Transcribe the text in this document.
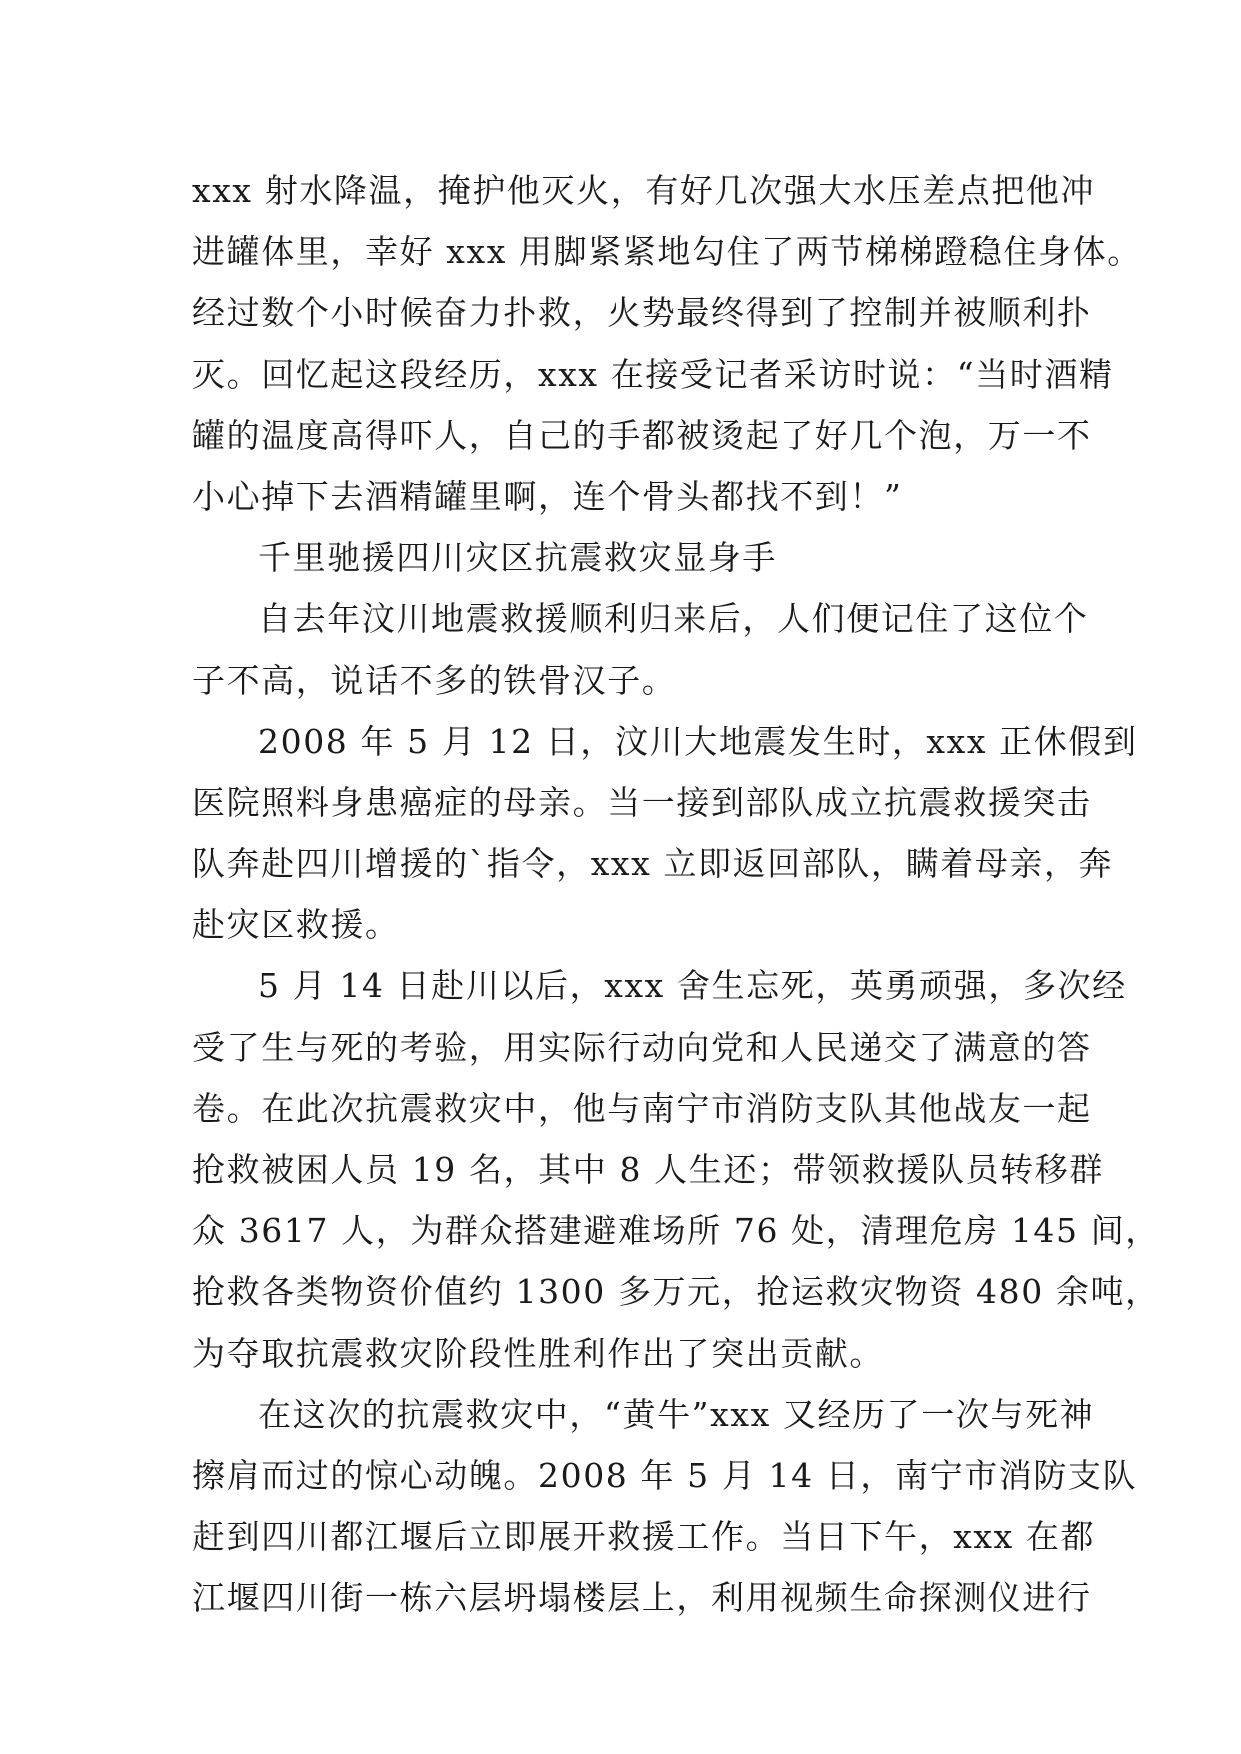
xxx 射水降温，掩护他灭火，有好几次强大水压差点把他冲
进罐体里，幸好 xxx 用脚紧紧地勾住了两节梯梯蹬稳住身体。
经过数个小时候奋力扑救，火势最终得到了控制并被顺利扑
灭。回忆起这段经历，xxx 在接受记者采访时说：“当时酒精
罐的温度高得吓人，自己的手都被烫起了好几个泡，万一不
小心掉下去酒精罐里啊，连个骨头都找不到！”
千里驰援四川灾区抗震救灾显身手
自去年汶川地震救援顺利归来后，人们便记住了这位个
子不高，说话不多的铁骨汉子。
2008 年 5 月 12 日，汶川大地震发生时，xxx 正休假到
医院照料身患癌症的母亲。当一接到部队成立抗震救援突击
队奔赴四川增援的`指令，xxx 立即返回部队，瞒着母亲，奔
赴灾区救援。
5 月 14 日赴川以后，xxx 舍生忘死，英勇顽强，多次经
受了生与死的考验，用实际行动向党和人民递交了满意的答
卷。在此次抗震救灾中，他与南宁市消防支队其他战友一起
抢救被困人员 19 名，其中 8 人生还；带领救援队员转移群
众 3617 人，为群众搭建避难场所 76 处，清理危房 145 间，
抢救各类物资价值约 1300 多万元，抢运救灾物资 480 余吨，
为夺取抗震救灾阶段性胜利作出了突出贡献。
在这次的抗震救灾中，“黄牛”xxx 又经历了一次与死神
擦肩而过的惊心动魄。2008 年 5 月 14 日，南宁市消防支队
赶到四川都江堰后立即展开救援工作。当日下午，xxx 在都
江堰四川街一栋六层坍塌楼层上，利用视频生命探测仪进行
